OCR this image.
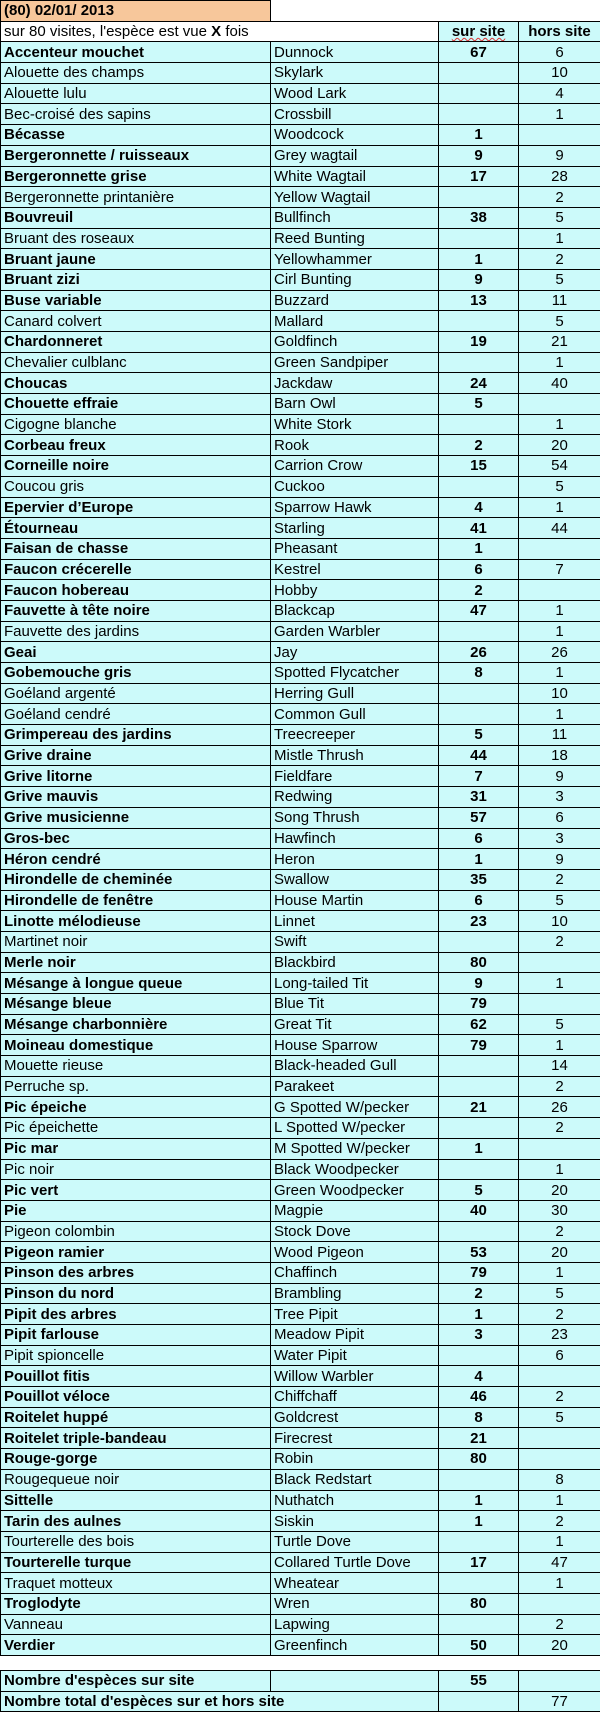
(80) 02/01/ 2013			
sur 80 visites, l'espèce est vue X fois		sur site	hors site
Accenteur mouchet	Dunnock	67	6
Alouette des champs	Skylark		10
Alouette lulu	Wood Lark		4
Bec-croisé des sapins	Crossbill		1
Bécasse	Woodcock	1	
Bergeronnette / ruisseaux	Grey wagtail	9	9
Bergeronnette grise	White Wagtail	17	28
Bergeronnette printanière	Yellow Wagtail		2
Bouvreuil	Bullfinch	38	5
Bruant des roseaux	Reed Bunting		1
Bruant jaune	Yellowhammer	1	2
Bruant zizi	Cirl Bunting	9	5
Buse variable	Buzzard	13	11
Canard colvert	Mallard		5
Chardonneret	Goldfinch	19	21
Chevalier culblanc	Green Sandpiper		1
Choucas	Jackdaw	24	40
Chouette effraie	Barn Owl	5	
Cigogne blanche	White Stork		1
Corbeau freux	Rook	2	20
Corneille noire	Carrion Crow	15	54
Coucou gris	Cuckoo		5
Epervier d’Europe	Sparrow Hawk	4	1
Étourneau	Starling	41	44
Faisan de chasse	Pheasant	1	
Faucon crécerelle	Kestrel	6	7
Faucon hobereau	Hobby	2	
Fauvette à tête noire	Blackcap	47	1
Fauvette des jardins	Garden Warbler		1
Geai	Jay	26	26
Gobemouche gris	Spotted Flycatcher	8	1
Goéland argenté	Herring Gull		10
Goéland cendré	Common Gull		1
Grimpereau des jardins	Treecreeper	5	11
Grive draine	Mistle Thrush	44	18
Grive litorne	Fieldfare	7	9
Grive mauvis	Redwing	31	3
Grive musicienne	Song Thrush	57	6
Gros-bec	Hawfinch	6	3
Héron cendré	Heron	1	9
Hirondelle de cheminée	Swallow	35	2
Hirondelle de fenêtre	House Martin	6	5
Linotte mélodieuse	Linnet	23	10
Martinet noir	Swift		2
Merle noir	Blackbird	80	
Mésange à longue queue	Long-tailed Tit	9	1
Mésange bleue	Blue Tit	79	
Mésange charbonnière	Great Tit	62	5
Moineau domestique	House Sparrow	79	1
Mouette rieuse	Black-headed Gull		14
Perruche sp.	Parakeet		2
Pic épeiche	G Spotted W/pecker	21	26
Pic épeichette	L Spotted W/pecker		2
Pic mar	M Spotted W/pecker	1	
Pic noir	Black Woodpecker		1
Pic vert	Green Woodpecker	5	20
Pie	Magpie	40	30
Pigeon colombin	Stock Dove		2
Pigeon ramier	Wood Pigeon	53	20
Pinson des arbres	Chaffinch	79	1
Pinson du nord	Brambling	2	5
Pipit des arbres	Tree Pipit	1	2
Pipit farlouse	Meadow Pipit	3	23
Pipit spioncelle	Water Pipit		6
Pouillot fitis	Willow Warbler	4	
Pouillot véloce	Chiffchaff	46	2
Roitelet huppé	Goldcrest	8	5
Roitelet triple-bandeau	Firecrest	21	
Rouge-gorge	Robin	80	
Rougequeue noir	Black Redstart		8
Sittelle	Nuthatch	1	1
Tarin des aulnes	Siskin	1	2
Tourterelle des bois	Turtle Dove		1
Tourterelle turque	Collared Turtle Dove	17	47
Traquet motteux	Wheatear		1
Troglodyte	Wren	80	
Vanneau	Lapwing		2
Verdier	Greenfinch	50	20

Nombre d'espèces sur site		55	
Nombre total d'espèces sur et hors site			77
